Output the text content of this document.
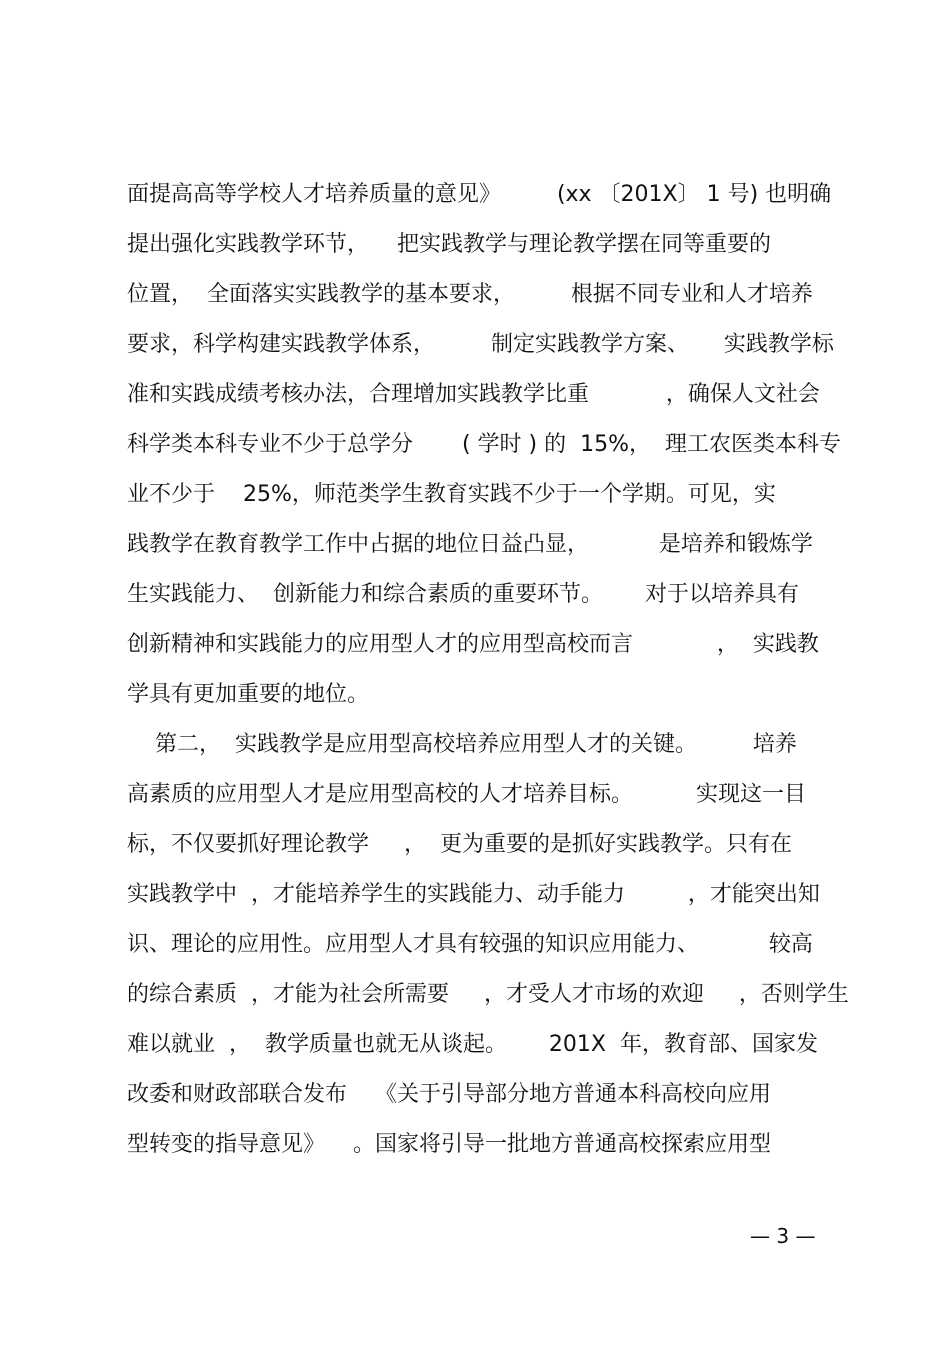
面提高高等学校人才培养质量的意见》        (xx 〔201X〕 1 号) 也明确
提出强化实践教学环节，    把实践教学与理论教学摆在同等重要的
位置，  全面落实实践教学的基本要求，        根据不同专业和人才培养
要求，科学构建实践教学体系，        制定实践教学方案、     实践教学标
准和实践成绩考核办法，合理增加实践教学比重           ，确保人文社会
科学类本科专业不少于总学分       ( 学时 ) 的  15%，  理工农医类本科专
业不少于    25%，师范类学生教育实践不少于一个学期。可见，实
践教学在教育教学工作中占据的地位日益凸显，          是培养和锻炼学
生实践能力、  创新能力和综合素质的重要环节。      对于以培养具有
创新精神和实践能力的应用型人才的应用型高校而言            ，  实践教
学具有更加重要的地位。
第二，  实践教学是应用型高校培养应用型人才的关键。        培养
高素质的应用型人才是应用型高校的人才培养目标。         实现这一目
标，不仅要抓好理论教学     ，  更为重要的是抓好实践教学。只有在
实践教学中  ，才能培养学生的实践能力、动手能力         ，才能突出知
识、理论的应用性。应用型人才具有较强的知识应用能力、          较高
的综合素质  ，才能为社会所需要     ，才受人才市场的欢迎     ，否则学生
难以就业  ，  教学质量也就无从谈起。      201X  年，教育部、国家发
改委和财政部联合发布    《关于引导部分地方普通本科高校向应用
型转变的指导意见》    。国家将引导一批地方普通高校探索应用型
— 3 —
